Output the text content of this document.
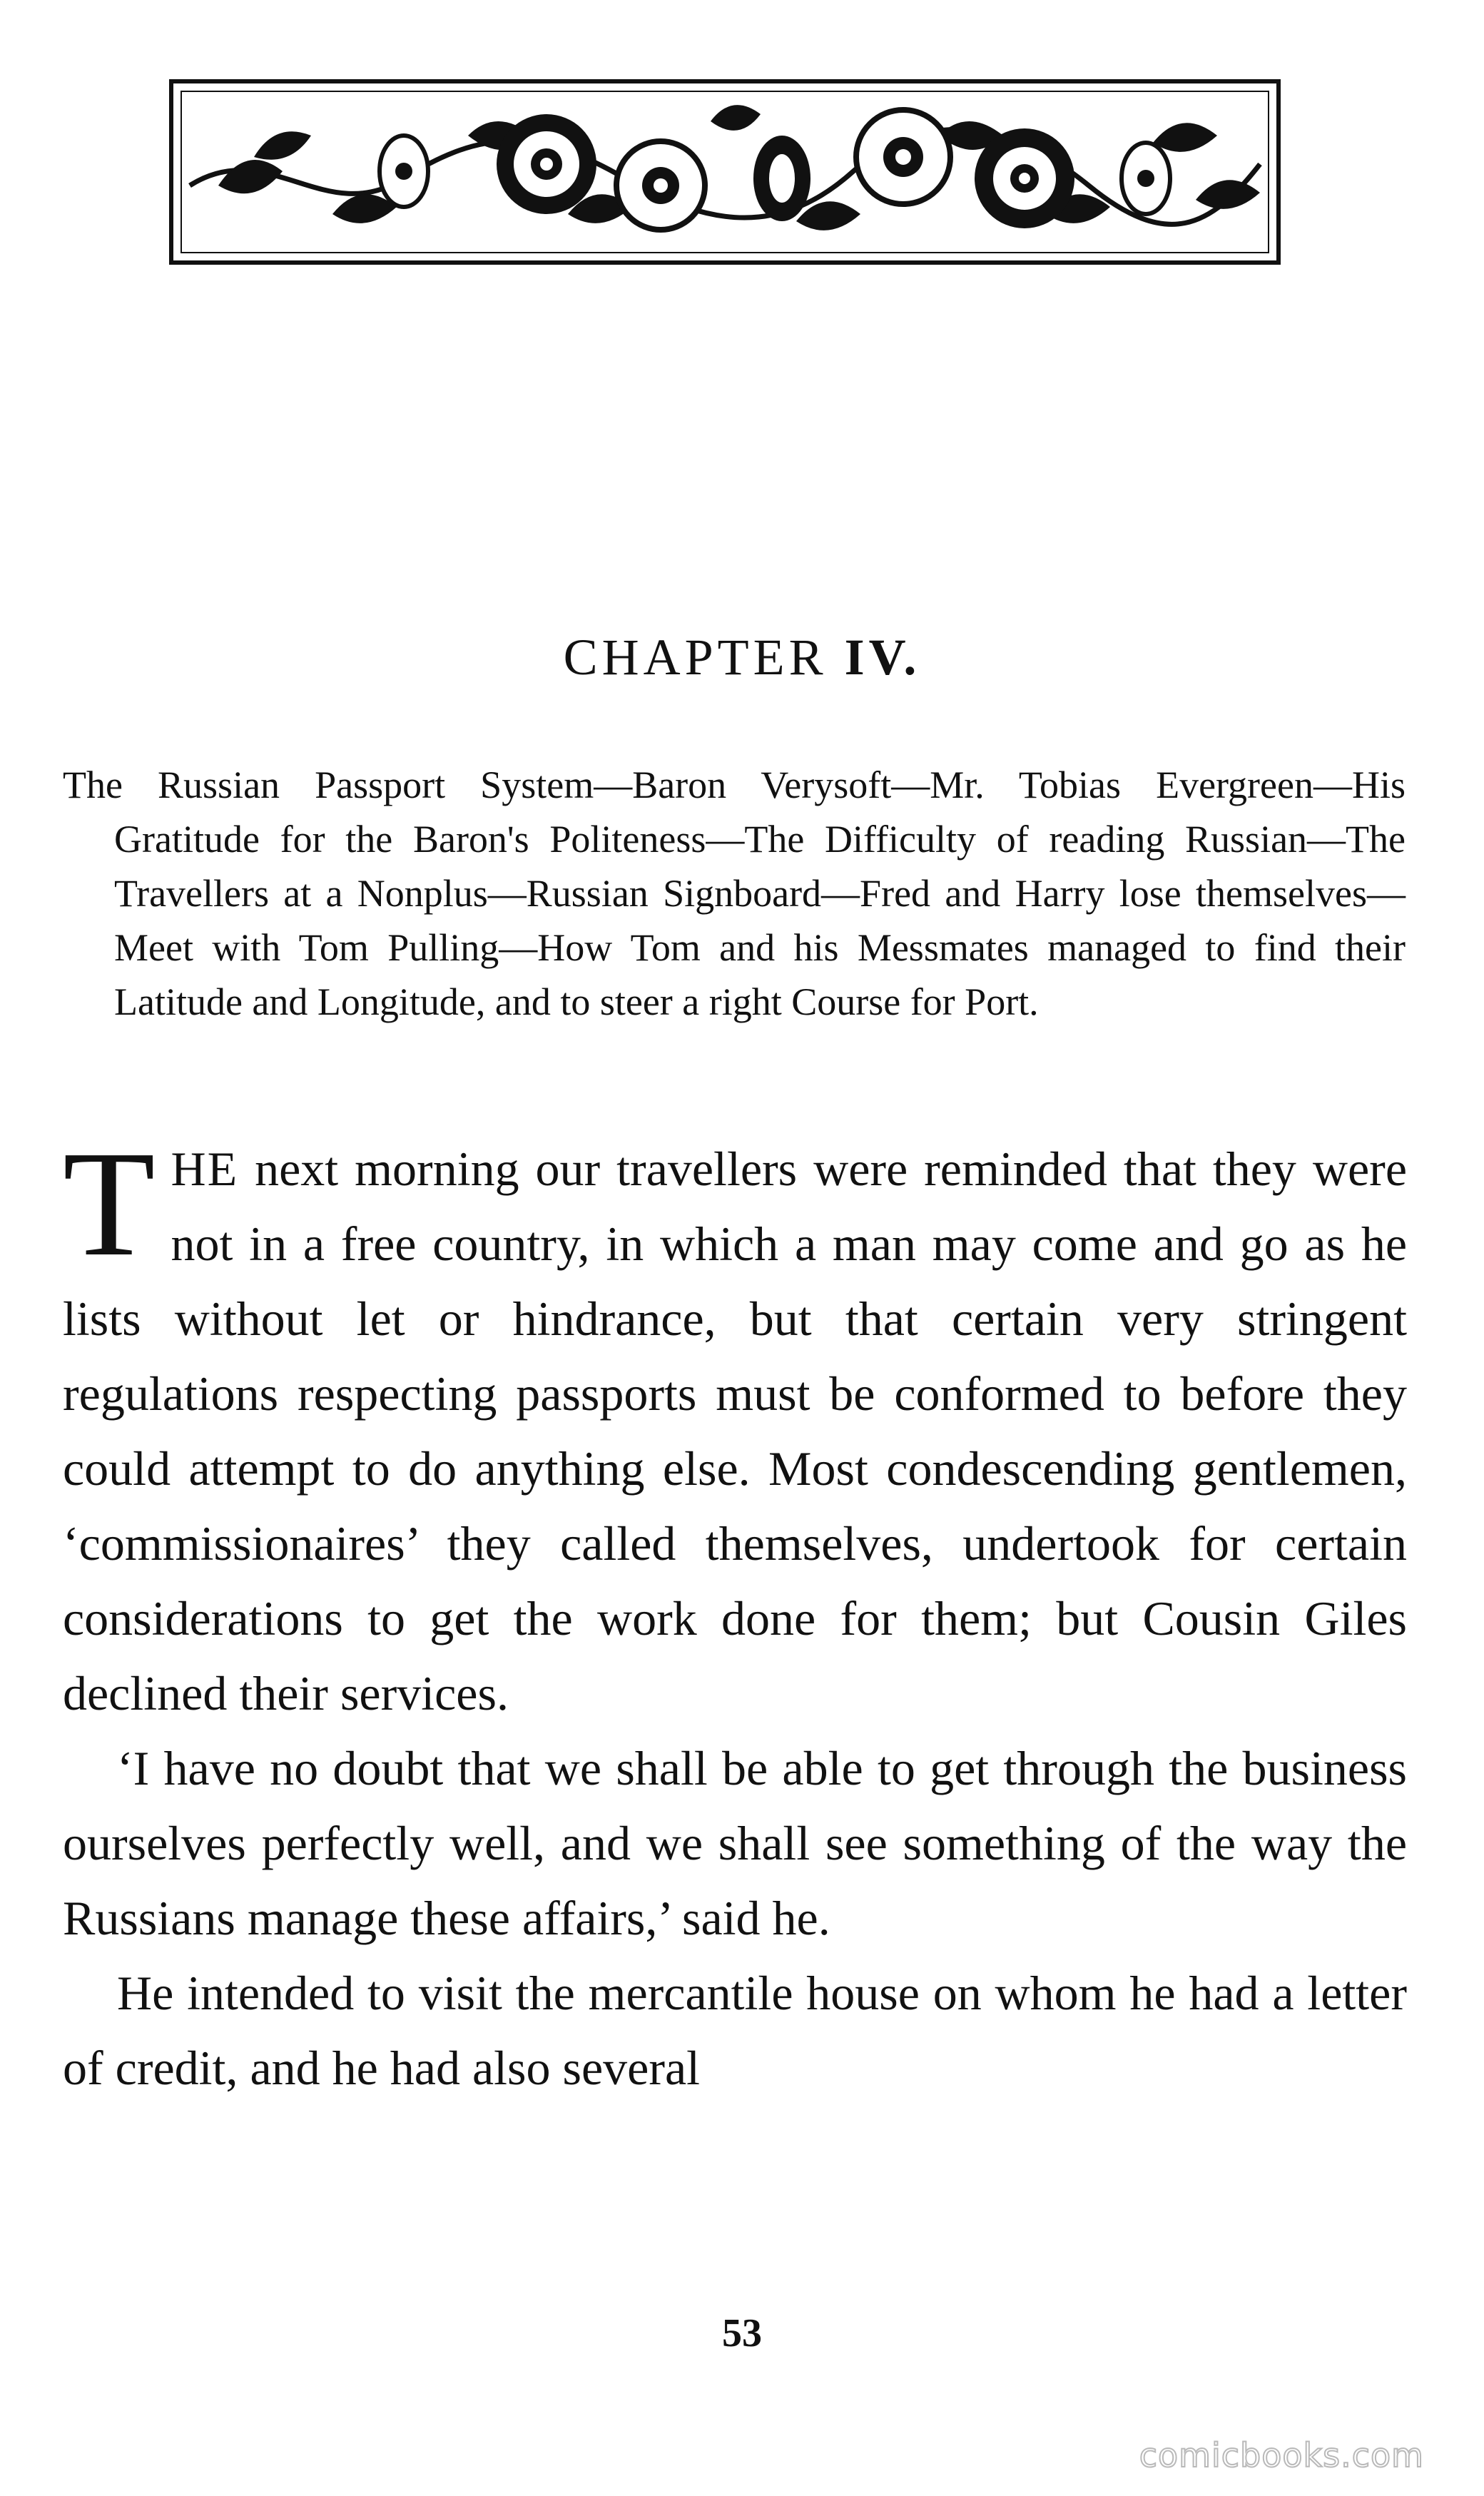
CHAPTER IV.
The Russian Passport System—Baron Verysoft—Mr. Tobias Evergreen—His Gratitude for the Baron's Politeness—The Difficulty of reading Russian—The Travellers at a Nonplus—Russian Signboard—Fred and Harry lose themselves—Meet with Tom Pulling—How Tom and his Messmates managed to find their Latitude and Longitude, and to steer a right Course for Port.

THE next morning our travellers were reminded that they were not in a free country, in which a man may come and go as he lists without let or hindrance, but that certain very stringent regulations respecting passports must be conformed to before they could attempt to do anything else. Most condescending gentlemen, ‘commissionaires’ they called themselves, undertook for certain considerations to get the work done for them; but Cousin Giles declined their services.

‘I have no doubt that we shall be able to get through the business ourselves perfectly well, and we shall see something of the way the Russians manage these affairs,’ said he.

He intended to visit the mercantile house on whom he had a letter of credit, and he had also several

53
comicbooks.com
